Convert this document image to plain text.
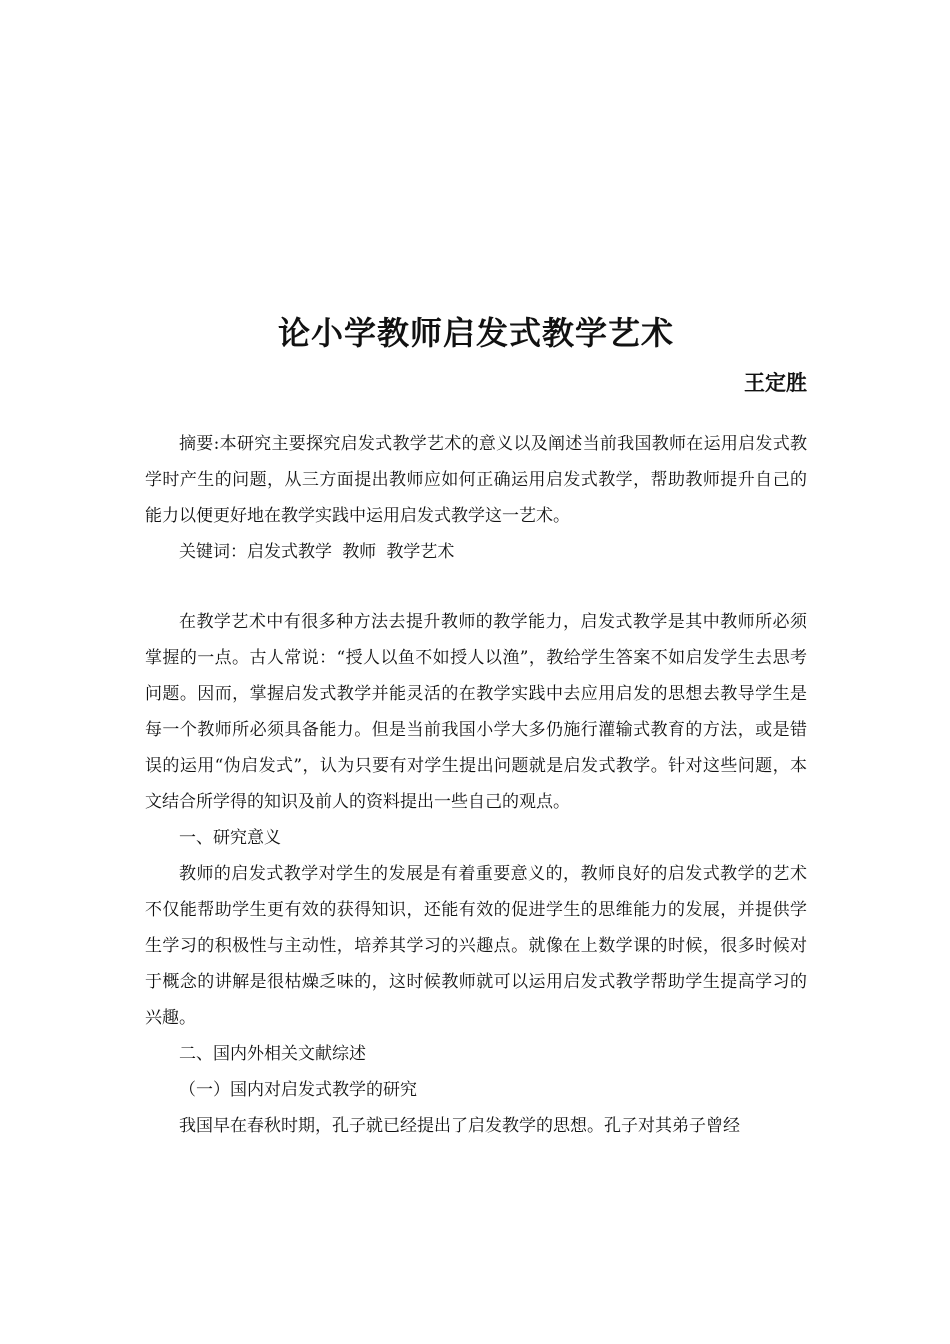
论小学教师启发式教学艺术
王定胜

摘要:本研究主要探究启发式教学艺术的意义以及阐述当前我国教师在运用启发式教学时产生的问题，从三方面提出教师应如何正确运用启发式教学，帮助教师提升自己的能力以便更好地在教学实践中运用启发式教学这一艺术。

关键词：启发式教学 教师 教学艺术

在教学艺术中有很多种方法去提升教师的教学能力，启发式教学是其中教师所必须掌握的一点。古人常说：“授人以鱼不如授人以渔”，教给学生答案不如启发学生去思考问题。因而，掌握启发式教学并能灵活的在教学实践中去应用启发的思想去教导学生是每一个教师所必须具备能力。但是当前我国小学大多仍施行灌输式教育的方法，或是错误的运用“伪启发式”，认为只要有对学生提出问题就是启发式教学。针对这些问题，本文结合所学得的知识及前人的资料提出一些自己的观点。

一、研究意义

教师的启发式教学对学生的发展是有着重要意义的，教师良好的启发式教学的艺术不仅能帮助学生更有效的获得知识，还能有效的促进学生的思维能力的发展，并提供学生学习的积极性与主动性，培养其学习的兴趣点。就像在上数学课的时候，很多时候对于概念的讲解是很枯燥乏味的，这时候教师就可以运用启发式教学帮助学生提高学习的兴趣。

二、国内外相关文献综述

（一）国内对启发式教学的研究

我国早在春秋时期，孔子就已经提出了启发教学的思想。孔子对其弟子曾经
